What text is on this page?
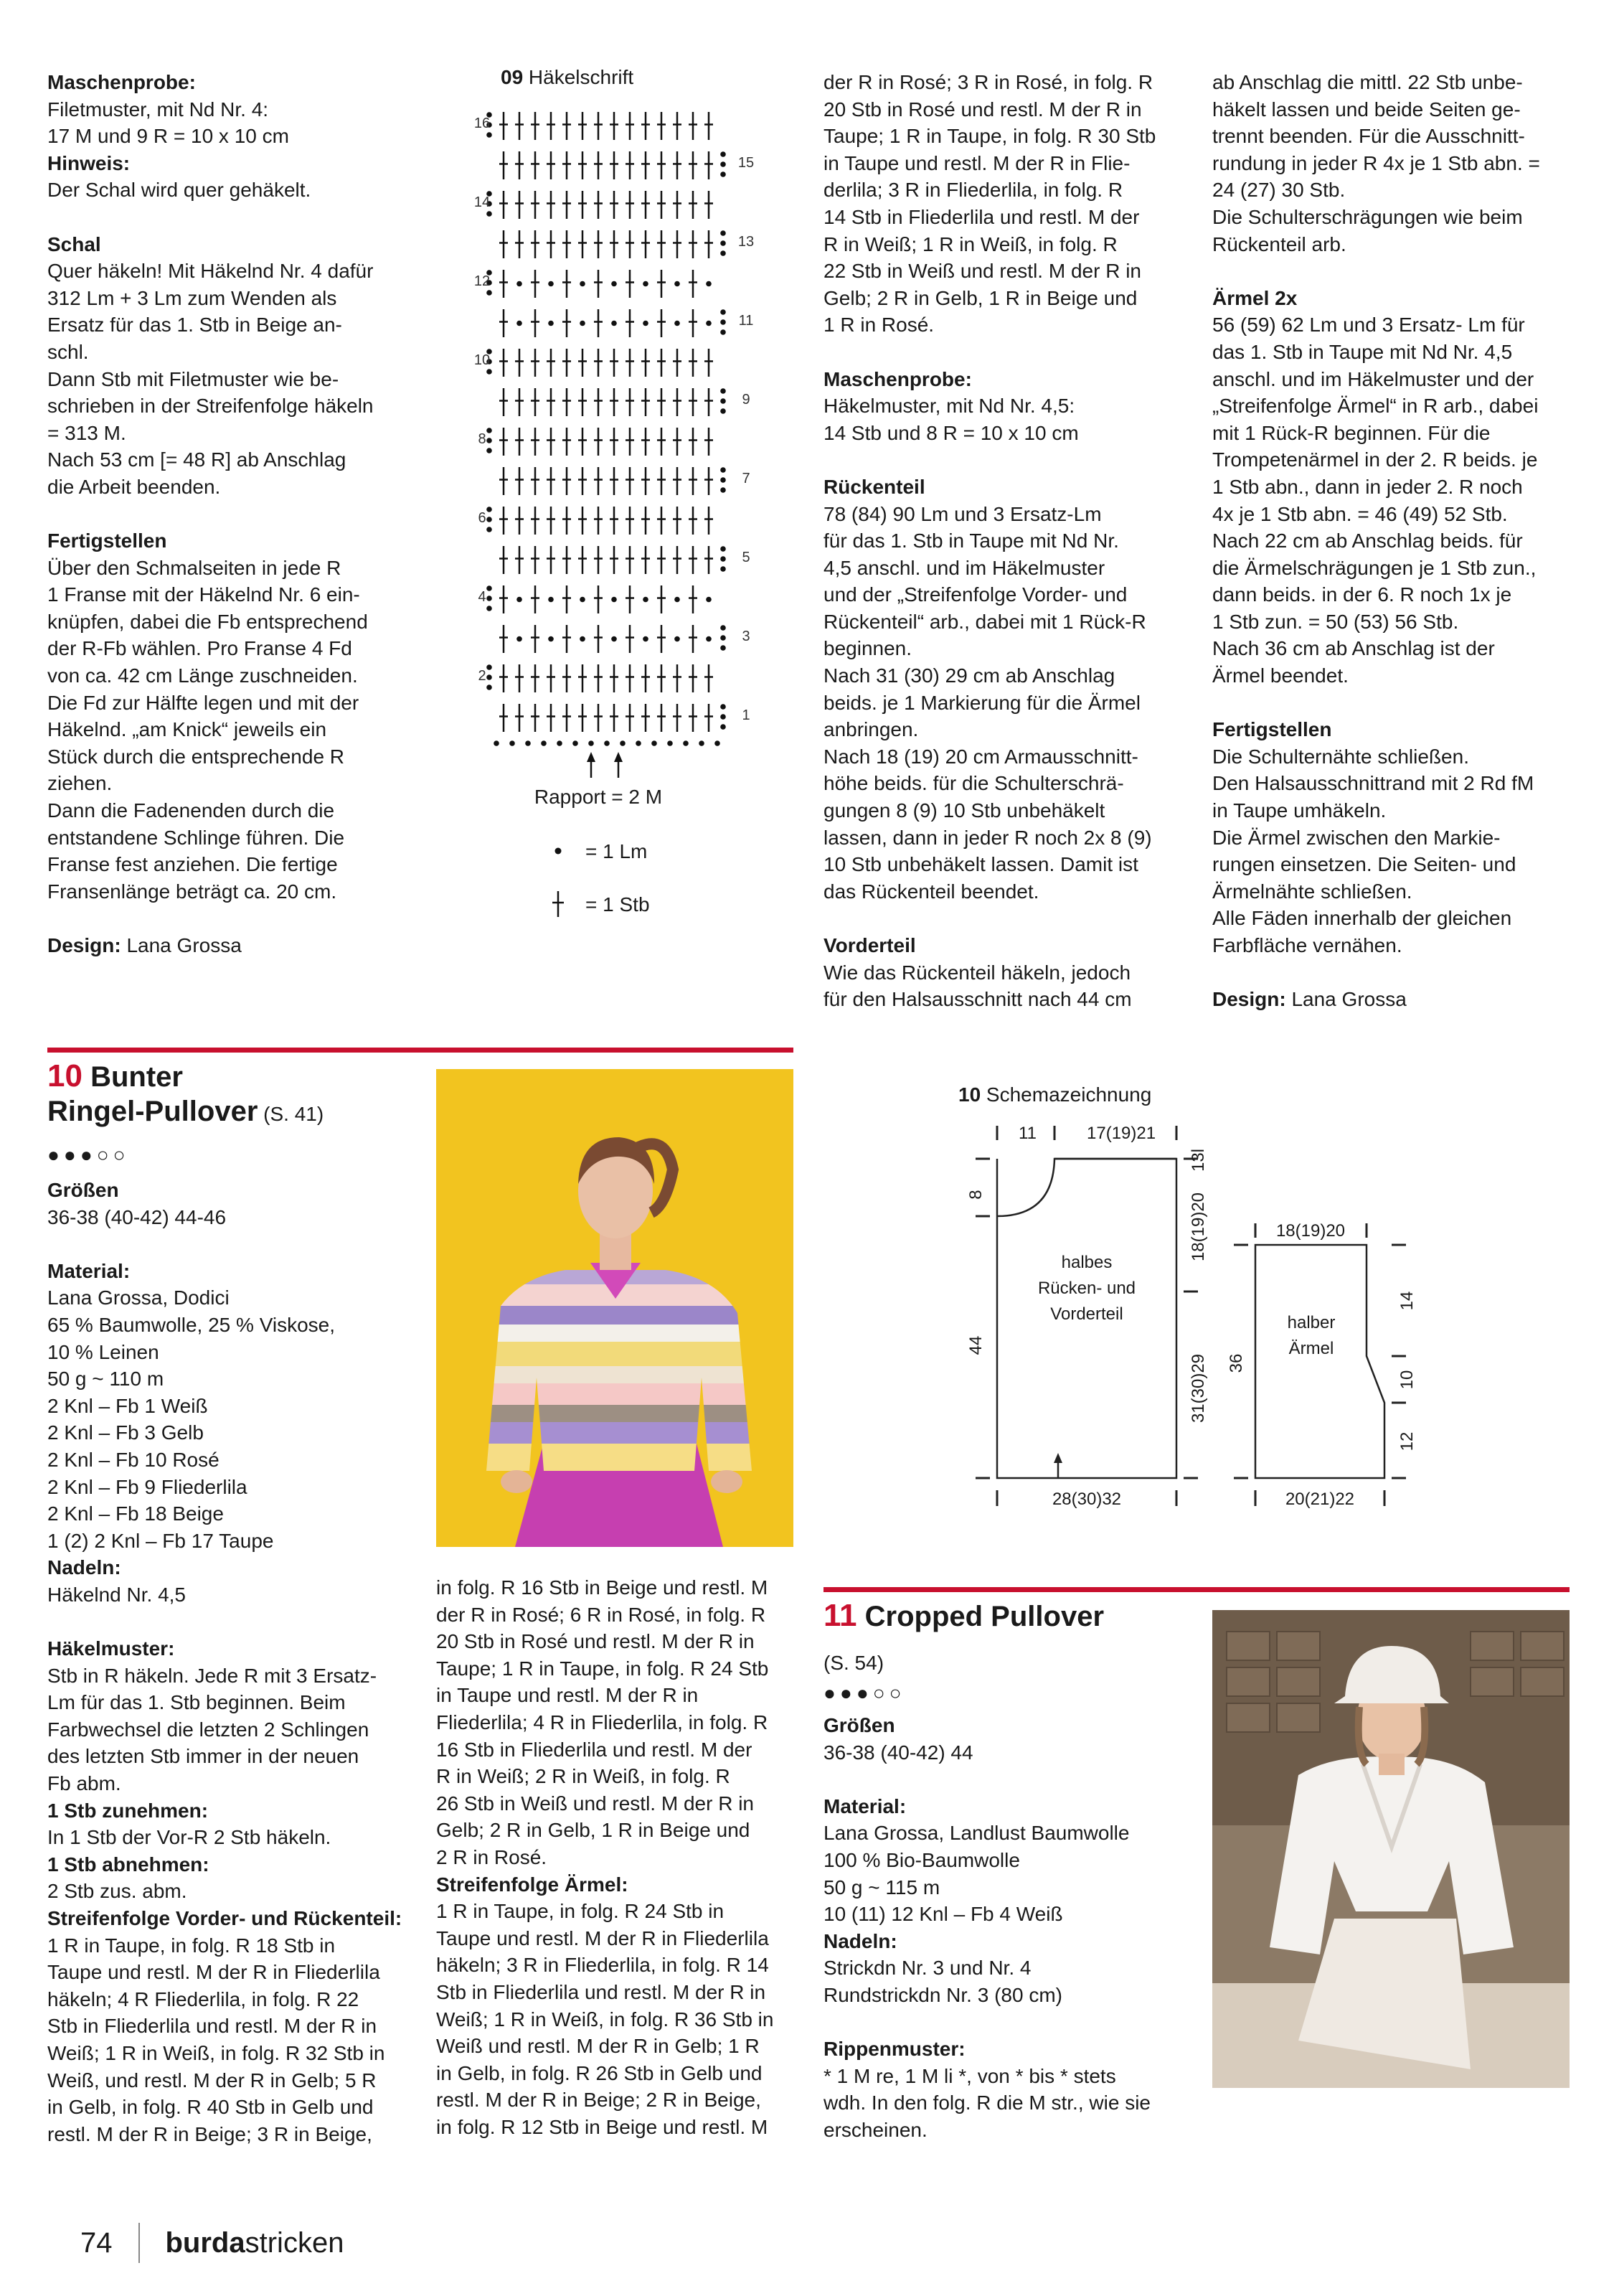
Maschenprobe:

Filetmuster, mit Nd Nr. 4:

17 M und 9 R = 10 x 10 cm

Hinweis:

Der Schal wird quer gehäkelt.

Schal

Quer häkeln! Mit Häkelnd Nr. 4 dafür

312 Lm + 3 Lm zum Wenden als

Ersatz für das 1. Stb in Beige an-

schl.

Dann Stb mit Filetmuster wie be-

schrieben in der Streifenfolge häkeln

= 313 M.

Nach 53 cm [= 48 R] ab Anschlag

die Arbeit beenden.

Fertigstellen

Über den Schmalseiten in jede R

1 Franse mit der Häkelnd Nr. 6 ein-

knüpfen, dabei die Fb entsprechend

der R-Fb wählen. Pro Franse 4 Fd

von ca. 42 cm Länge zuschneiden.

Die Fd zur Hälfte legen und mit der

Häkelnd. „am Knick“ jeweils ein

Stück durch die entsprechende R

ziehen.

Dann die Fadenenden durch die

entstandene Schlinge führen. Die

Franse fest anziehen. Die fertige

Fransenlänge beträgt ca. 20 cm.

Design: Lana Grossa

09 Häkelschrift
16
14
12
10
8
6
4
2
15
13
11
9
7
5
3
1
Rapport = 2 M
= 1 Lm
= 1 Stb

der R in Rosé; 3 R in Rosé, in folg. R

20 Stb in Rosé und restl. M der R in

Taupe; 1 R in Taupe, in folg. R 30 Stb

in Taupe und restl. M der R in Flie-

derlila; 3 R in Fliederlila, in folg. R

14 Stb in Fliederlila und restl. M der

R in Weiß; 1 R in Weiß, in folg. R

22 Stb in Weiß und restl. M der R in

Gelb; 2 R in Gelb, 1 R in Beige und

1 R in Rosé.

Maschenprobe:

Häkelmuster, mit Nd Nr. 4,5:

14 Stb und 8 R = 10 x 10 cm

Rückenteil

78 (84) 90 Lm und 3 Ersatz-Lm

für das 1. Stb in Taupe mit Nd Nr.

4,5 anschl. und im Häkelmuster

und der „Streifenfolge Vorder- und

Rückenteil“ arb., dabei mit 1 Rück-R

beginnen.

Nach 31 (30) 29 cm ab Anschlag

beids. je 1 Markierung für die Ärmel

anbringen.

Nach 18 (19) 20 cm Armausschnitt-

höhe beids. für die Schulterschrä-

gungen 8 (9) 10 Stb unbehäkelt

lassen, dann in jeder R noch 2x 8 (9)

10 Stb unbehäkelt lassen. Damit ist

das Rückenteil beendet.

Vorderteil

Wie das Rückenteil häkeln, jedoch

für den Halsausschnitt nach 44 cm

ab Anschlag die mittl. 22 Stb unbe-

häkelt lassen und beide Seiten ge-

trennt beenden. Für die Ausschnitt-

rundung in jeder R 4x je 1 Stb abn. =

24 (27) 30 Stb.

Die Schulterschrägungen wie beim

Rückenteil arb.

Ärmel 2x

56 (59) 62 Lm und 3 Ersatz- Lm für

das 1. Stb in Taupe mit Nd Nr. 4,5

anschl. und im Häkelmuster und der

„Streifenfolge Ärmel“ in R arb., dabei

mit 1 Rück-R beginnen. Für die

Trompetenärmel in der 2. R beids. je

1 Stb abn., dann in jeder 2. R noch

4x je 1 Stb abn. = 46 (49) 52 Stb.

Nach 22 cm ab Anschlag beids. für

die Ärmelschrägungen je 1 Stb zun.,

dann beids. in der 6. R noch 1x je

1 Stb zun. = 50 (53) 56 Stb.

Nach 36 cm ab Anschlag ist der

Ärmel beendet.

Fertigstellen

Die Schulternähte schließen.

Den Halsausschnittrand mit 2 Rd fM

in Taupe umhäkeln.

Die Ärmel zwischen den Markie-

rungen einsetzen. Die Seiten- und

Ärmelnähte schließen.

Alle Fäden innerhalb der gleichen

Farbfläche vernähen.

Design: Lana Grossa

10 Bunter
Ringel-Pullover (S. 41)
●●●○○

Größen

36-38 (40-42) 44-46

Material:

Lana Grossa, Dodici

65 % Baumwolle, 25 % Viskose,

10 % Leinen

50 g ~ 110 m

2 Knl – Fb 1 Weiß

2 Knl – Fb 3 Gelb

2 Knl – Fb 10 Rosé

2 Knl – Fb 9 Fliederlila

2 Knl – Fb 18 Beige

1 (2) 2 Knl – Fb 17 Taupe

Nadeln:

Häkelnd Nr. 4,5

Häkelmuster:

Stb in R häkeln. Jede R mit 3 Ersatz-

Lm für das 1. Stb beginnen. Beim

Farbwechsel die letzten 2 Schlingen

des letzten Stb immer in der neuen

Fb abm.

1 Stb zunehmen:

In 1 Stb der Vor-R 2 Stb häkeln.

1 Stb abnehmen:

2 Stb zus. abm.

Streifenfolge Vorder- und Rückenteil:

1 R in Taupe, in folg. R 18 Stb in

Taupe und restl. M der R in Fliederlila

häkeln; 4 R Fliederlila, in folg. R 22

Stb in Fliederlila und restl. M der R in

Weiß; 1 R in Weiß, in folg. R 32 Stb in

Weiß, und restl. M der R in Gelb; 5 R

in Gelb, in folg. R 40 Stb in Gelb und

restl. M der R in Beige; 3 R in Beige,

in folg. R 16 Stb in Beige und restl. M

der R in Rosé; 6 R in Rosé, in folg. R

20 Stb in Rosé und restl. M der R in

Taupe; 1 R in Taupe, in folg. R 24 Stb

in Taupe und restl. M der R in

Fliederlila; 4 R in Fliederlila, in folg. R

16 Stb in Fliederlila und restl. M der

R in Weiß; 2 R in Weiß, in folg. R

26 Stb in Weiß und restl. M der R in

Gelb; 2 R in Gelb, 1 R in Beige und

2 R in Rosé.

Streifenfolge Ärmel:

1 R in Taupe, in folg. R 24 Stb in

Taupe und restl. M der R in Fliederlila

häkeln; 3 R in Fliederlila, in folg. R 14

Stb in Fliederlila und restl. M der R in

Weiß; 1 R in Weiß, in folg. R 36 Stb in

Weiß und restl. M der R in Gelb; 1 R

in Gelb, in folg. R 26 Stb in Gelb und

restl. M der R in Beige; 2 R in Beige,

in folg. R 12 Stb in Beige und restl. M

10 Schemazeichnung
11	17(19)21
8
13l
18(19)20
44
31(30)29
28(30)32
halbes
Rücken- und
Vorderteil
18(19)20
halber
Ärmel
36
14
10
12
20(21)22
11 Cropped Pullover
(S. 54)
●●●○○

Größen

36-38 (40-42) 44

Material:

Lana Grossa, Landlust Baumwolle

100 % Bio-Baumwolle

50 g ~ 115 m

10 (11) 12 Knl – Fb 4 Weiß

Nadeln:

Strickdn Nr. 3 und Nr. 4

Rundstrickdn Nr. 3 (80 cm)

Rippenmuster:

* 1 M re, 1 M li *, von * bis * stets

wdh. In den folg. R die M str., wie sie

erscheinen.

74 burdastricken
